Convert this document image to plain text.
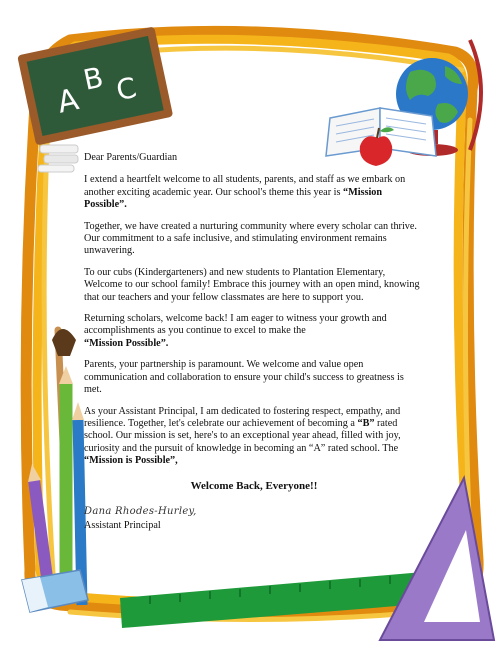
A
B C

Dear Parents/Guardian

I extend a heartfelt welcome to all students, parents, and staff as we embark on another exciting academic year. Our school's theme this year is “Mission Possible”.

Together, we have created a nurturing community where every scholar can thrive. Our commitment to a safe inclusive, and stimulating environment remains unwavering.

To our cubs (Kindergarteners) and new students to Plantation Elementary, Welcome to our school family! Embrace this journey with an open mind, knowing that our teachers and your fellow classmates are here to support you.

Returning scholars, welcome back! I am eager to witness your growth and accomplishments as you continue to excel to make the
“Mission Possible”.

Parents, your partnership is paramount. We welcome and value open communication and collaboration to ensure your child's success to greatness is met.

As your Assistant Principal, I am dedicated to fostering respect, empathy, and resilience. Together, let's celebrate our achievement of becoming a “B” rated school. Our mission is set, here's to an exceptional year ahead, filled with joy, curiosity and the pursuit of knowledge in becoming an “A” rated school. The “Mission is Possible”,

Welcome Back, Everyone!!

Dana Rhodes-Hurley,

Assistant Principal
